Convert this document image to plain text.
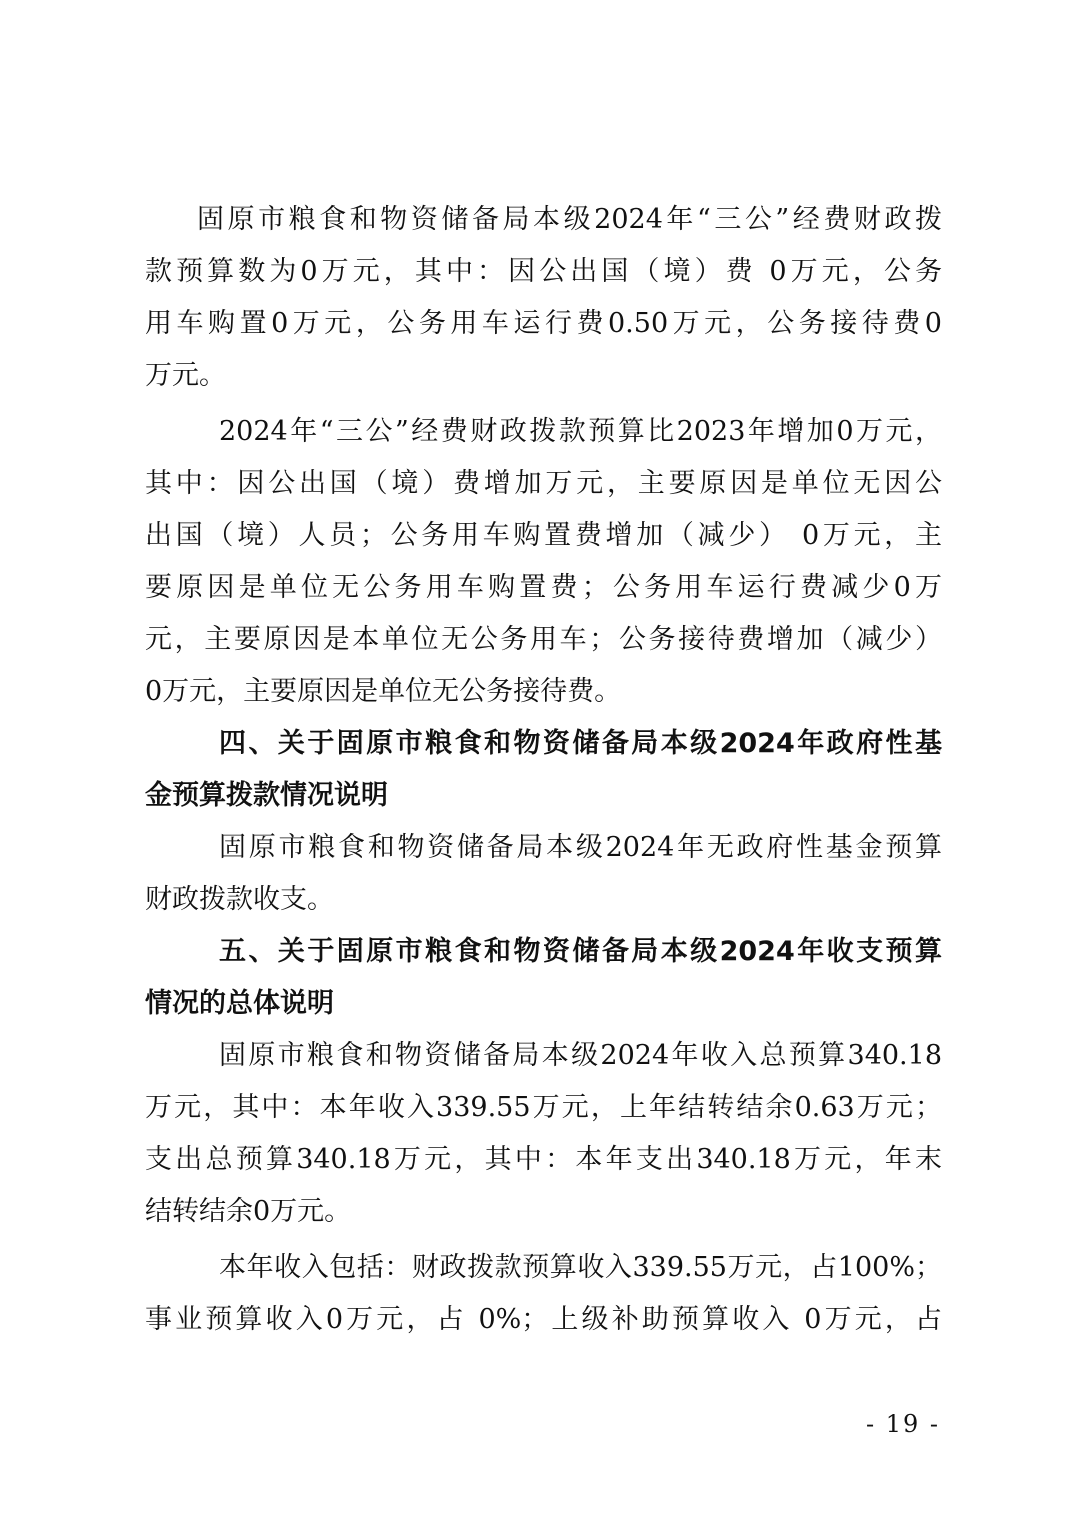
固原市粮食和物资储备局本级2024年“三公”经费财政拨
款预算数为0万元，其中：因公出国（境）费 0万元，公务
用车购置0万元，公务用车运行费0.50万元，公务接待费0
万元。
2024年“三公”经费财政拨款预算比2023年增加0万元，
其中：因公出国（境）费增加万元，主要原因是单位无因公
出国（境）人员；公务用车购置费增加（减少） 0万元，主
要原因是单位无公务用车购置费；公务用车运行费减少0万
元，主要原因是本单位无公务用车；公务接待费增加（减少）
0万元，主要原因是单位无公务接待费。
四、关于固原市粮食和物资储备局本级2024年政府性基
金预算拨款情况说明
固原市粮食和物资储备局本级2024年无政府性基金预算
财政拨款收支。
五、关于固原市粮食和物资储备局本级2024年收支预算
情况的总体说明
固原市粮食和物资储备局本级2024年收入总预算340.18
万元，其中：本年收入339.55万元，上年结转结余0.63万元；
支出总预算340.18万元，其中：本年支出340.18万元，年末
结转结余0万元。
本年收入包括：财政拨款预算收入339.55万元，占100%；
事业预算收入0万元，占 0%；上级补助预算收入 0万元，占
- 19 -
